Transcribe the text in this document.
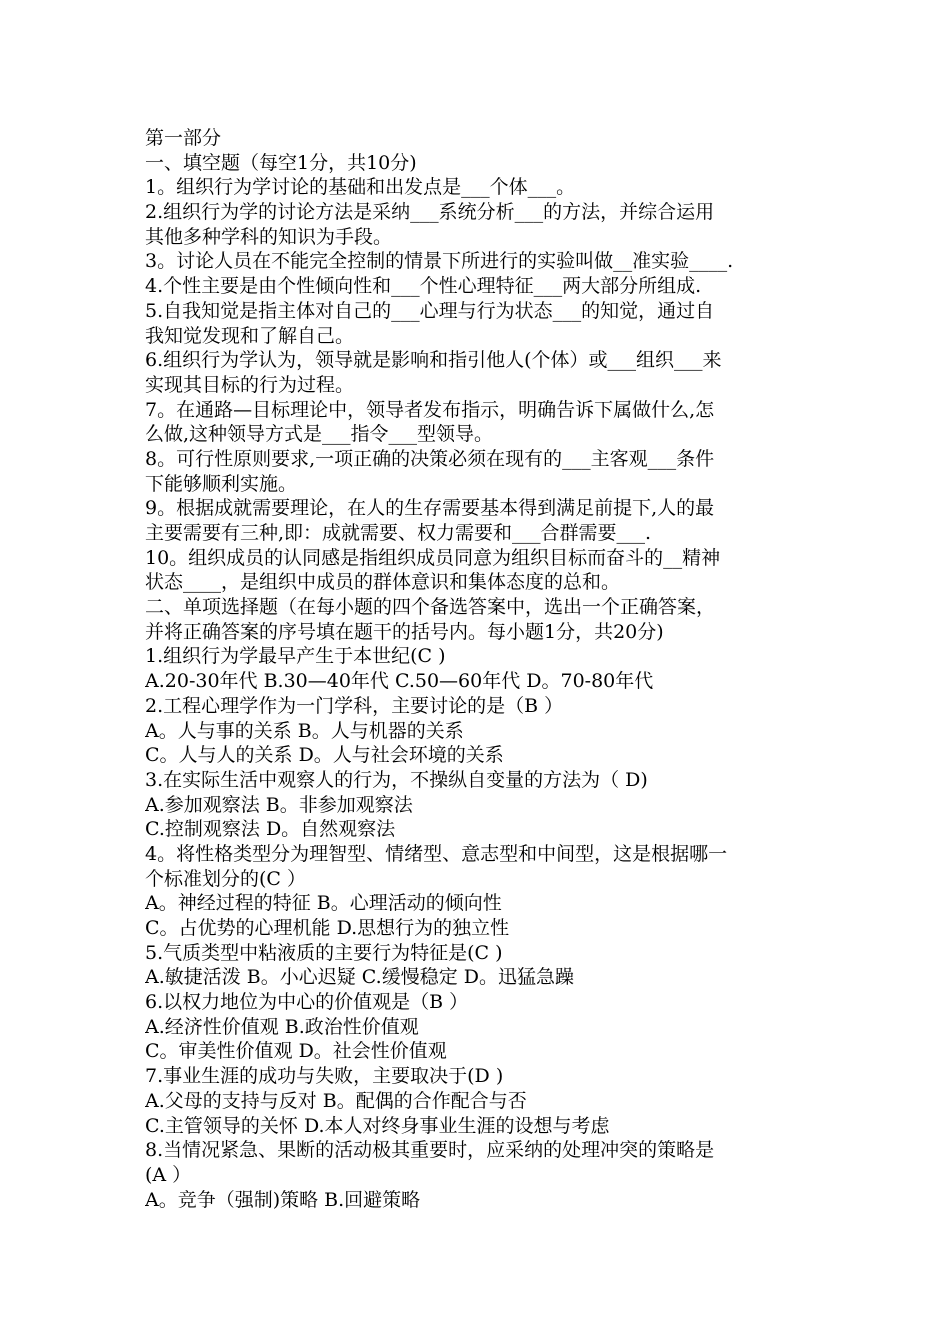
第一部分
一、填空题（每空1分，共10分)
1。组织行为学讨论的基础和出发点是___个体___。
2.组织行为学的讨论方法是采纳___系统分析___的方法，并综合运用
其他多种学科的知识为手段。
3。讨论人员在不能完全控制的情景下所进行的实验叫做__准实验____.
4.个性主要是由个性倾向性和___个性心理特征___两大部分所组成.
5.自我知觉是指主体对自己的___心理与行为状态___的知觉，通过自
我知觉发现和了解自己。
6.组织行为学认为，领导就是影响和指引他人(个体）或___组织___来
实现其目标的行为过程。
7。在通路—目标理论中，领导者发布指示，明确告诉下属做什么,怎
么做,这种领导方式是___指令___型领导。
8。可行性原则要求,一项正确的决策必须在现有的___主客观___条件
下能够顺利实施。
9。根据成就需要理论，在人的生存需要基本得到满足前提下,人的最
主要需要有三种,即：成就需要、权力需要和___合群需要___.
10。组织成员的认同感是指组织成员同意为组织目标而奋斗的__精神
状态____，是组织中成员的群体意识和集体态度的总和。
二、单项选择题（在每小题的四个备选答案中，选出一个正确答案，
并将正确答案的序号填在题干的括号内。每小题1分，共20分)
1.组织行为学最早产生于本世纪(C )
A.20-30年代 B.30—40年代 C.50—60年代 D。70-80年代
2.工程心理学作为一门学科，主要讨论的是（B ）
A。人与事的关系 B。人与机器的关系
C。人与人的关系 D。人与社会环境的关系
3.在实际生活中观察人的行为，不操纵自变量的方法为（ D)
A.参加观察法 B。非参加观察法
C.控制观察法 D。自然观察法
4。将性格类型分为理智型、情绪型、意志型和中间型，这是根据哪一
个标准划分的(C ）
A。神经过程的特征 B。心理活动的倾向性
C。占优势的心理机能 D.思想行为的独立性
5.气质类型中粘液质的主要行为特征是(C )
A.敏捷活泼 B。小心迟疑 C.缓慢稳定 D。迅猛急躁
6.以权力地位为中心的价值观是（B ）
A.经济性价值观 B.政治性价值观
C。审美性价值观 D。社会性价值观
7.事业生涯的成功与失败，主要取决于(D )
A.父母的支持与反对 B。配偶的合作配合与否
C.主管领导的关怀 D.本人对终身事业生涯的设想与考虑
8.当情况紧急、果断的活动极其重要时，应采纳的处理冲突的策略是
(A ）
A。竞争（强制)策略 B.回避策略
